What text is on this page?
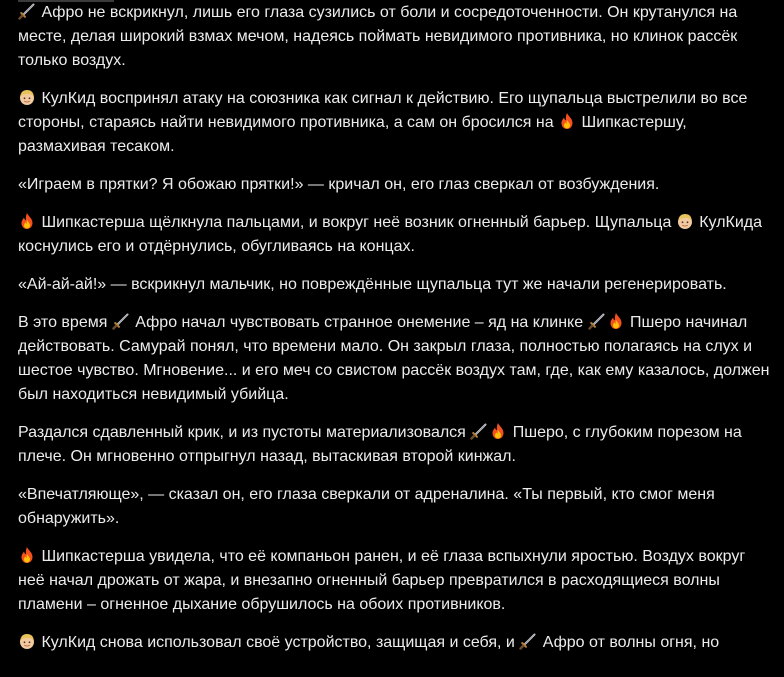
Афро не вскрикнул, лишь его глаза сузились от боли и сосредоточенности. Он крутанулся на месте, делая широкий взмах мечом, надеясь поймать невидимого противника, но клинок рассёк только воздух.

КулКид воспринял атаку на союзника как сигнал к действию. Его щупальца выстрелили во все стороны, стараясь найти невидимого противника, а сам он бросился на
Шипкастершу, размахивая тесаком.

«Играем в прятки? Я обожаю прятки!» — кричал он, его глаз сверкал от возбуждения.

Шипкастерша щёлкнула пальцами, и вокруг неё возник огненный барьер. Щупальца
КулКида коснулись его и отдёрнулись, обугливаясь на концах.

«Ай-ай-ай!» — вскрикнул мальчик, но повреждённые щупальца тут же начали регенерировать.

В это время
Афро начал чувствовать странное онемение – яд на клинке
Пшеро начинал действовать. Самурай понял, что времени мало. Он закрыл глаза, полностью полагаясь на слух и шестое чувство. Мгновение... и его меч со свистом рассёк воздух там, где, как ему казалось, должен был находиться невидимый убийца.

Раздался сдавленный крик, и из пустоты материализовался
Пшеро, с глубоким порезом на плече. Он мгновенно отпрыгнул назад, вытаскивая второй кинжал.

«Впечатляюще», — сказал он, его глаза сверкали от адреналина. «Ты первый, кто смог меня обнаружить».

Шипкастерша увидела, что её компаньон ранен, и её глаза вспыхнули яростью. Воздух вокруг неё начал дрожать от жара, и внезапно огненный барьер превратился в расходящиеся волны пламени – огненное дыхание обрушилось на обоих противников.

КулКид снова использовал своё устройство, защищая и себя, и
Афро от волны огня, но
